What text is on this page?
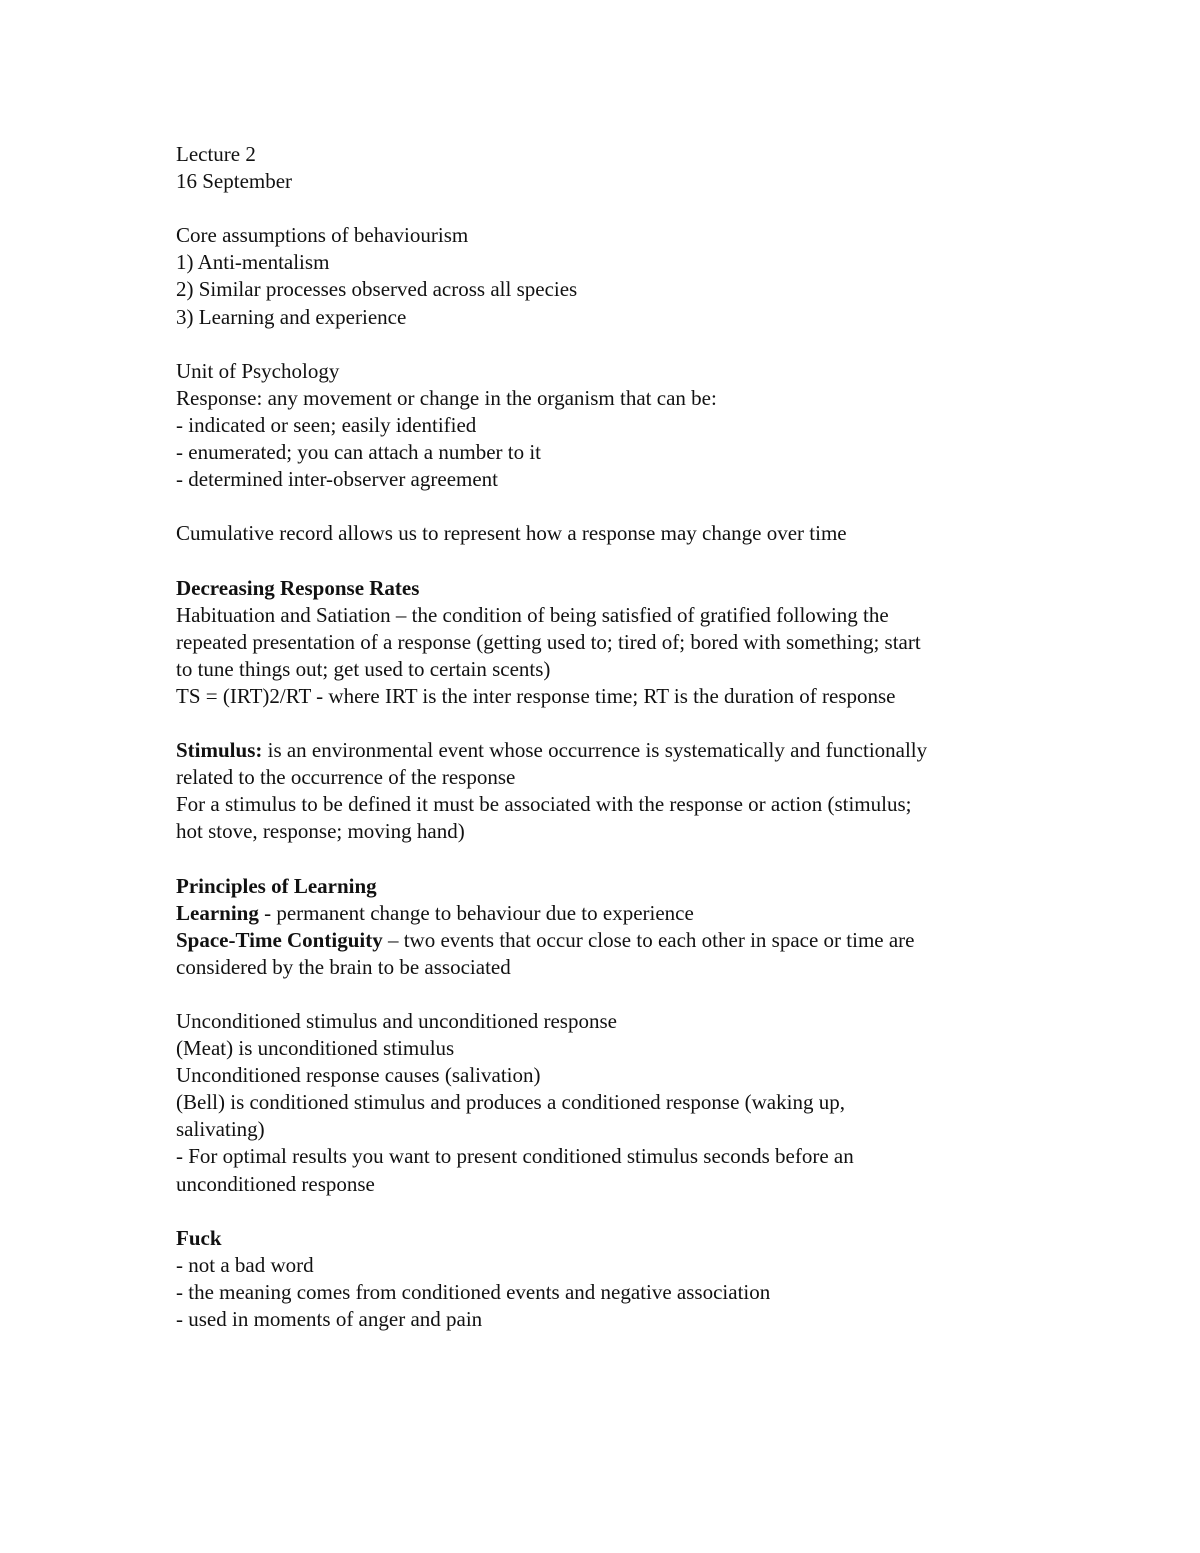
Lecture 2

16 September

Core assumptions of behaviourism

1) Anti-mentalism

2) Similar processes observed across all species

3) Learning and experience

Unit of Psychology

Response: any movement or change in the organism that can be:

- indicated or seen; easily identified

- enumerated; you can attach a number to it

- determined inter-observer agreement

Cumulative record allows us to represent how a response may change over time

Decreasing Response Rates

Habituation and Satiation – the condition of being satisfied of gratified following the

repeated presentation of a response (getting used to; tired of; bored with something; start

to tune things out; get used to certain scents)

TS = (IRT)2/RT - where IRT is the inter response time; RT is the duration of response

Stimulus: is an environmental event whose occurrence is systematically and functionally

related to the occurrence of the response

For a stimulus to be defined it must be associated with the response or action (stimulus;

hot stove, response; moving hand)

Principles of Learning

Learning - permanent change to behaviour due to experience

Space-Time Contiguity – two events that occur close to each other in space or time are

considered by the brain to be associated

Unconditioned stimulus and unconditioned response

(Meat) is unconditioned stimulus

Unconditioned response causes (salivation)

(Bell) is conditioned stimulus and produces a conditioned response (waking up,

salivating)

- For optimal results you want to present conditioned stimulus seconds before an

unconditioned response

Fuck

- not a bad word

- the meaning comes from conditioned events and negative association

- used in moments of anger and pain
